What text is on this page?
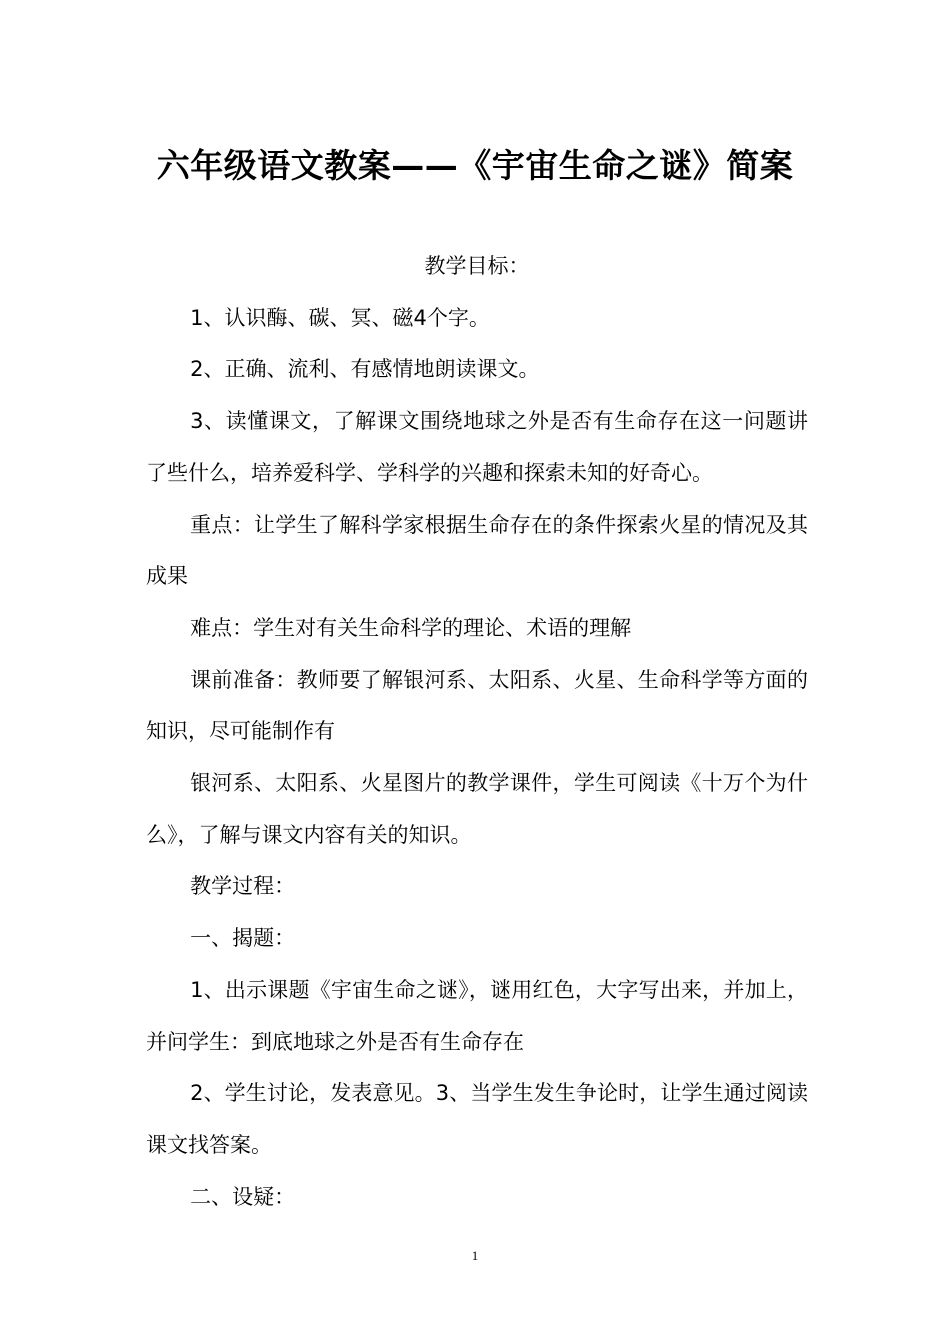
六年级语文教案——《宇宙生命之谜》简案

教学目标：

1、认识酶、碳、冥、磁4个字。

2、正确、流利、有感情地朗读课文。

3、读懂课文，了解课文围绕地球之外是否有生命存在这一问题讲了些什么，培养爱科学、学科学的兴趣和探索未知的好奇心。

重点：让学生了解科学家根据生命存在的条件探索火星的情况及其成果

难点：学生对有关生命科学的理论、术语的理解

课前准备：教师要了解银河系、太阳系、火星、生命科学等方面的知识，尽可能制作有

银河系、太阳系、火星图片的教学课件，学生可阅读《十万个为什么》，了解与课文内容有关的知识。

教学过程：

一、揭题：

1、出示课题《宇宙生命之谜》，谜用红色，大字写出来，并加上，并问学生：到底地球之外是否有生命存在

2、学生讨论，发表意见。3、当学生发生争论时，让学生通过阅读课文找答案。

二、设疑：

1
